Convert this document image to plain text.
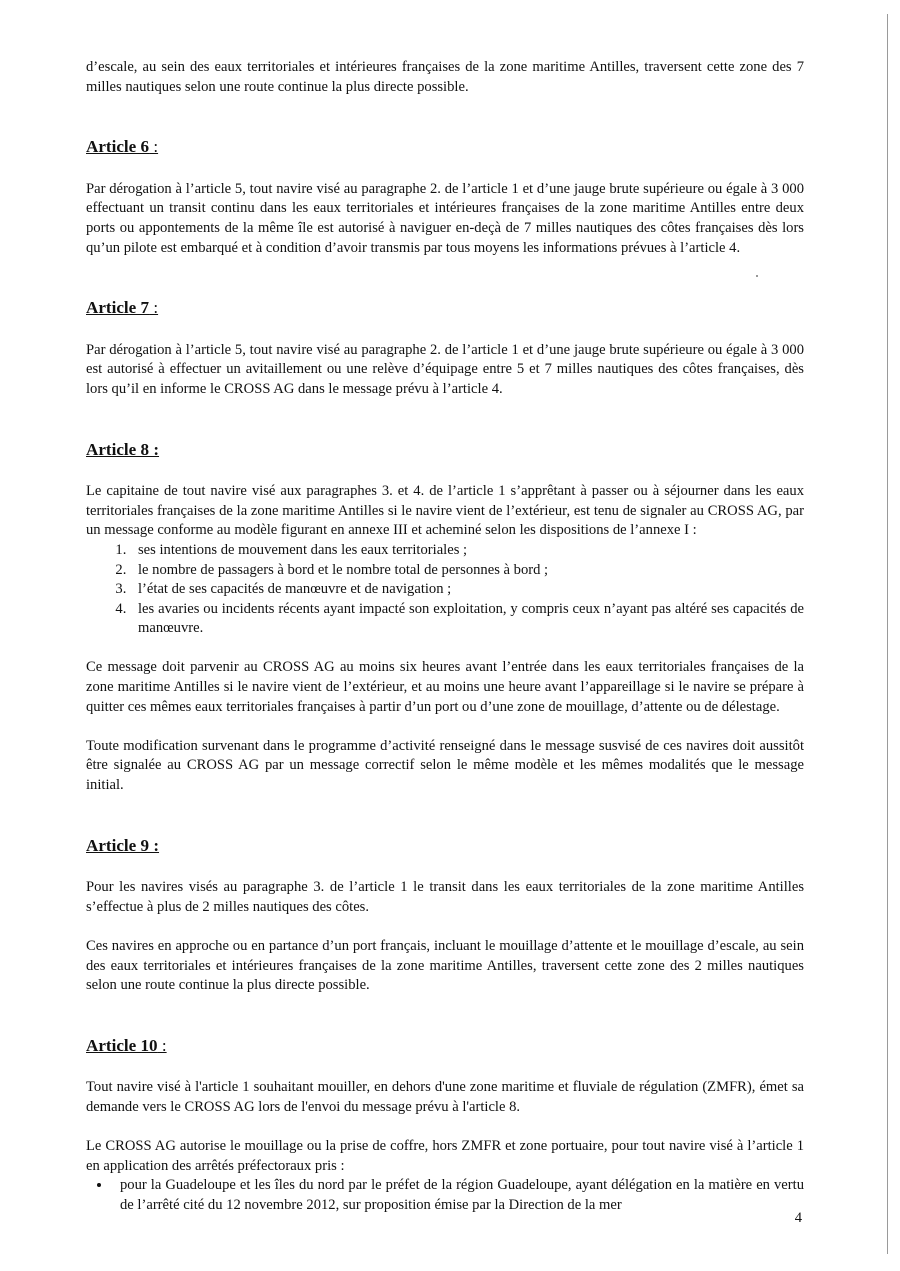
d’escale, au sein des eaux territoriales et intérieures françaises de la zone maritime Antilles, traversent cette zone des 7 milles nautiques selon une route continue la plus directe possible.

Article 6 :

Par dérogation à l’article 5, tout navire visé au paragraphe 2. de l’article 1 et d’une jauge brute supérieure ou égale à 3 000 effectuant un transit continu dans les eaux territoriales et intérieures françaises de la zone maritime Antilles entre deux ports ou appontements de la même île est autorisé à naviguer en-deçà de 7 milles nautiques des côtes françaises dès lors qu’un pilote est embarqué et à condition d’avoir transmis par tous moyens les informations prévues à l’article 4.

Article 7 :

Par dérogation à l’article 5, tout navire visé au paragraphe 2. de l’article 1 et d’une jauge brute supérieure ou égale à 3 000 est autorisé à effectuer un avitaillement ou une relève d’équipage entre 5 et 7 milles nautiques des côtes françaises, dès lors qu’il en informe le CROSS AG dans le message prévu à l’article 4.

Article 8 :

Le capitaine de tout navire visé aux paragraphes 3. et 4. de l’article 1 s’apprêtant à passer ou à séjourner dans les eaux territoriales françaises de la zone maritime Antilles si le navire vient de l’extérieur, est tenu de signaler au CROSS AG, par un message conforme au modèle figurant en annexe III et acheminé selon les dispositions de l’annexe I :

1. ses intentions de mouvement dans les eaux territoriales ;
2. le nombre de passagers à bord et le nombre total de personnes à bord ;
3. l’état de ses capacités de manœuvre et de navigation ;
4. les avaries ou incidents récents ayant impacté son exploitation, y compris ceux n’ayant pas altéré ses capacités de manœuvre.

Ce message doit parvenir au CROSS AG au moins six heures avant l’entrée dans les eaux territoriales françaises de la zone maritime Antilles si le navire vient de l’extérieur, et au moins une heure avant l’appareillage si le navire se prépare à quitter ces mêmes eaux territoriales françaises à partir d’un port ou d’une zone de mouillage, d’attente ou de délestage.

Toute modification survenant dans le programme d’activité renseigné dans le message susvisé de ces navires doit aussitôt être signalée au CROSS AG par un message correctif selon le même modèle et les mêmes modalités que le message initial.

Article 9 :

Pour les navires visés au paragraphe 3. de l’article 1 le transit dans les eaux territoriales de la zone maritime Antilles s’effectue à plus de 2 milles nautiques des côtes.

Ces navires en approche ou en partance d’un port français, incluant le mouillage d’attente et le mouillage d’escale, au sein des eaux territoriales et intérieures françaises de la zone maritime Antilles, traversent cette zone des 2 milles nautiques selon une route continue la plus directe possible.

Article 10 :

Tout navire visé à l'article 1 souhaitant mouiller, en dehors d'une zone maritime et fluviale de régulation (ZMFR), émet sa demande vers le CROSS AG lors de l'envoi du message prévu à l'article 8.

Le CROSS AG autorise le mouillage ou la prise de coffre, hors ZMFR et zone portuaire, pour tout navire visé à l’article 1 en application des arrêtés préfectoraux pris :

• pour la Guadeloupe et les îles du nord par le préfet de la région Guadeloupe, ayant délégation en la matière en vertu de l’arrêté cité du 12 novembre 2012, sur proposition émise par la Direction de la mer
4
